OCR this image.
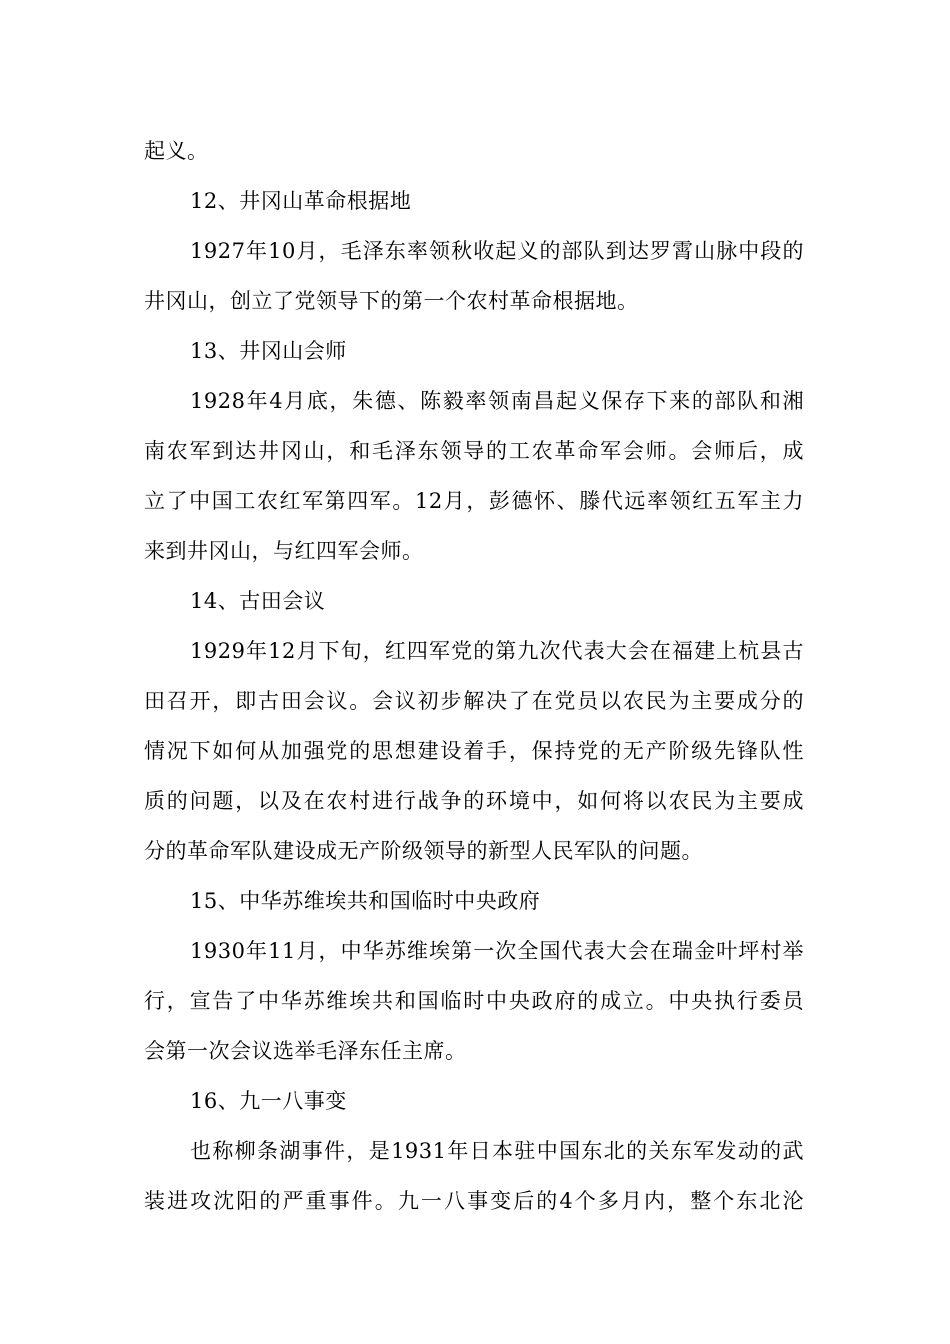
起义。
12、井冈山革命根据地
1927年10月，毛泽东率领秋收起义的部队到达罗霄山脉中段的
井冈山，创立了党领导下的第一个农村革命根据地。
13、井冈山会师
1928年4月底，朱德、陈毅率领南昌起义保存下来的部队和湘
南农军到达井冈山，和毛泽东领导的工农革命军会师。会师后，成
立了中国工农红军第四军。12月，彭德怀、滕代远率领红五军主力
来到井冈山，与红四军会师。
14、古田会议
1929年12月下旬，红四军党的第九次代表大会在福建上杭县古
田召开，即古田会议。会议初步解决了在党员以农民为主要成分的
情况下如何从加强党的思想建设着手，保持党的无产阶级先锋队性
质的问题，以及在农村进行战争的环境中，如何将以农民为主要成
分的革命军队建设成无产阶级领导的新型人民军队的问题。
15、中华苏维埃共和国临时中央政府
1930年11月，中华苏维埃第一次全国代表大会在瑞金叶坪村举
行，宣告了中华苏维埃共和国临时中央政府的成立。中央执行委员
会第一次会议选举毛泽东任主席。
16、九一八事变
也称柳条湖事件，是1931年日本驻中国东北的关东军发动的武
装进攻沈阳的严重事件。九一八事变后的4个多月内，整个东北沦
